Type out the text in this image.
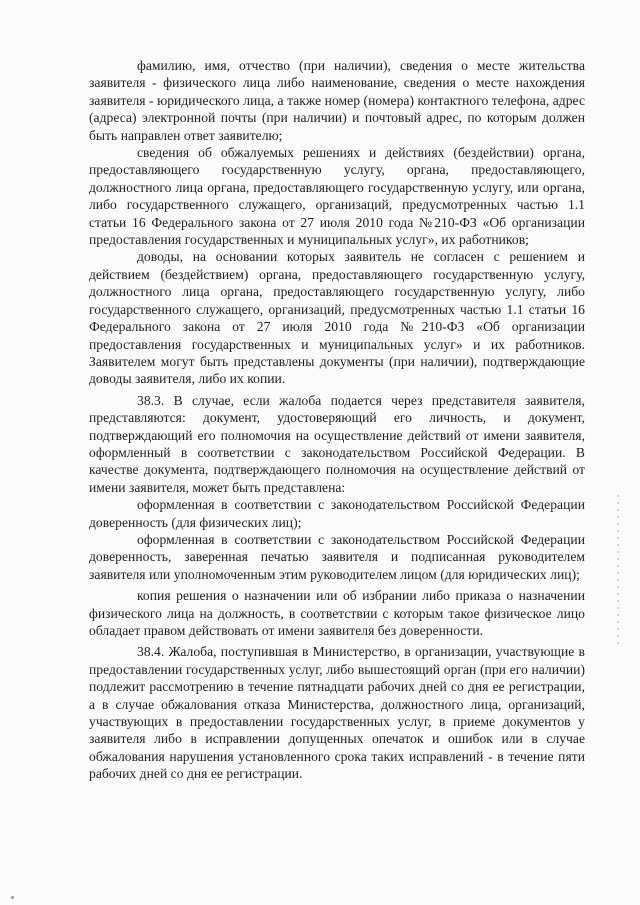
фамилию, имя, отчество (при наличии), сведения о месте жительства заявителя - физического лица либо наименование, сведения о месте нахождения заявителя - юридического лица, а также номер (номера) контактного телефона, адрес (адреса) электронной почты (при наличии) и почтовый адрес, по которым должен быть направлен ответ заявителю;

сведения об обжалуемых решениях и действиях (бездействии) органа, предоставляющего государственную услугу, органа, предоставляющего, должностного лица органа, предоставляющего государственную услугу, или органа, либо государственного служащего, организаций, предусмотренных частью 1.1 статьи 16 Федерального закона от 27 июля 2010 года №210-ФЗ «Об организации предоставления государственных и муниципальных услуг», их работников;

доводы, на основании которых заявитель не согласен с решением и действием (бездействием) органа, предоставляющего государственную услугу, должностного лица органа, предоставляющего государственную услугу, либо государственного служащего, организаций, предусмотренных частью 1.1 статьи 16 Федерального закона от 27 июля 2010 года №210-ФЗ «Об организации предоставления государственных и муниципальных услуг» и их работников. Заявителем могут быть представлены документы (при наличии), подтверждающие доводы заявителя, либо их копии.

38.3. В случае, если жалоба подается через представителя заявителя, представляются: документ, удостоверяющий его личность, и документ, подтверждающий его полномочия на осуществление действий от имени заявителя, оформленный в соответствии с законодательством Российской Федерации. В качестве документа, подтверждающего полномочия на осуществление действий от имени заявителя, может быть представлена:

оформленная в соответствии с законодательством Российской Федерации доверенность (для физических лиц);

оформленная в соответствии с законодательством Российской Федерации доверенность, заверенная печатью заявителя и подписанная руководителем заявителя или уполномоченным этим руководителем лицом (для юридических лиц);

копия решения о назначении или об избрании либо приказа о назначении физического лица на должность, в соответствии с которым такое физическое лицо обладает правом действовать от имени заявителя без доверенности.

38.4. Жалоба, поступившая в Министерство, в организации, участвующие в предоставлении государственных услуг, либо вышестоящий орган (при его наличии) подлежит рассмотрению в течение пятнадцати рабочих дней со дня ее регистрации, а в случае обжалования отказа Министерства, должностного лица, организаций, участвующих в предоставлении государственных услуг, в приеме документов у заявителя либо в исправлении допущенных опечаток и ошибок или в случае обжалования нарушения установленного срока таких исправлений - в течение пяти рабочих дней со дня ее регистрации.
